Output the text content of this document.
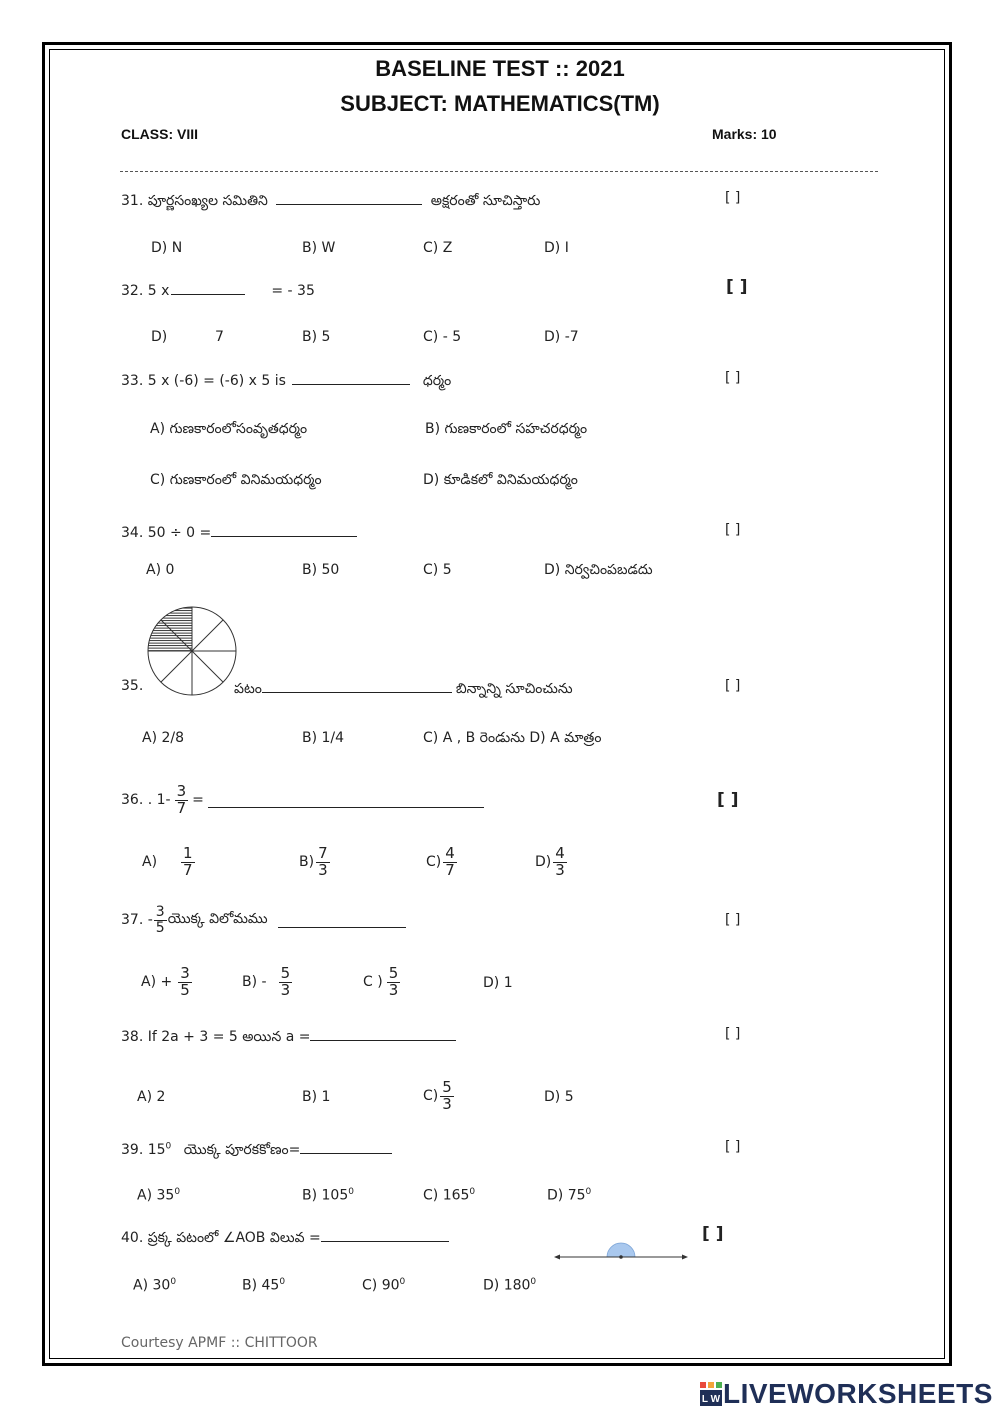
BASELINE TEST :: 2021
SUBJECT: MATHEMATICS(TM)
CLASS: VIII	Marks: 10
31. పూర్ణసంఖ్యల సమితిని	అక్షరంతో సూచిస్తారు	[ ]
D) N	B) W	C) Z	D) I
32. 5 x	= - 35	[ ]
D)	7	B) 5	C) - 5	D) -7
33. 5 x (-6) = (-6) x 5 is	ధర్మం	[ ]
A) గుణకారంలోసంవృతధర్మం	B) గుణకారంలో సహచరధర్మం
C) గుణకారంలో వినిమయధర్మం	D) కూడికలో వినిమయధర్మం
34. 50 ÷ 0 =	[ ]
A) 0	B) 50	C) 5	D) నిర్వచింపబడదు
35.	పటం	బిన్నాన్ని సూచించును	[ ]
A) 2/8	B) 1/4	C) A , B రెండును D) A మాత్రం
36. . $1- \frac{3}{7}$ =	[ ]
$A) \frac{1}{7}$	$B) \frac{7}{3}$	$C) \frac{4}{7}$	$D) \frac{4}{3}$
37. - $\frac{3}{5}$ యొక్క విలోమము	[ ]
$A) + \frac{3}{5}$	$B) - \frac{5}{3}$	C ) $\frac{5}{3}$	D) 1
38. If 2a + 3 = 5 అయిన a =	[ ]
A) 2	B) 1	$C) \frac{5}{3}$	D) 5
39. $15^0$ యొక్క పూరకకోణం=	[ ]
A) $35^0$	B) $105^0$	C) $165^0$	D) $75^0$
40. ప్రక్క పటంలో ∠AOB విలువ =	[ ]
A) $30^0$	B) $45^0$	C) $90^0$	D) $180^0$
Courtesy APMF :: CHITTOOR
L W LIVEWORKSHEETS
